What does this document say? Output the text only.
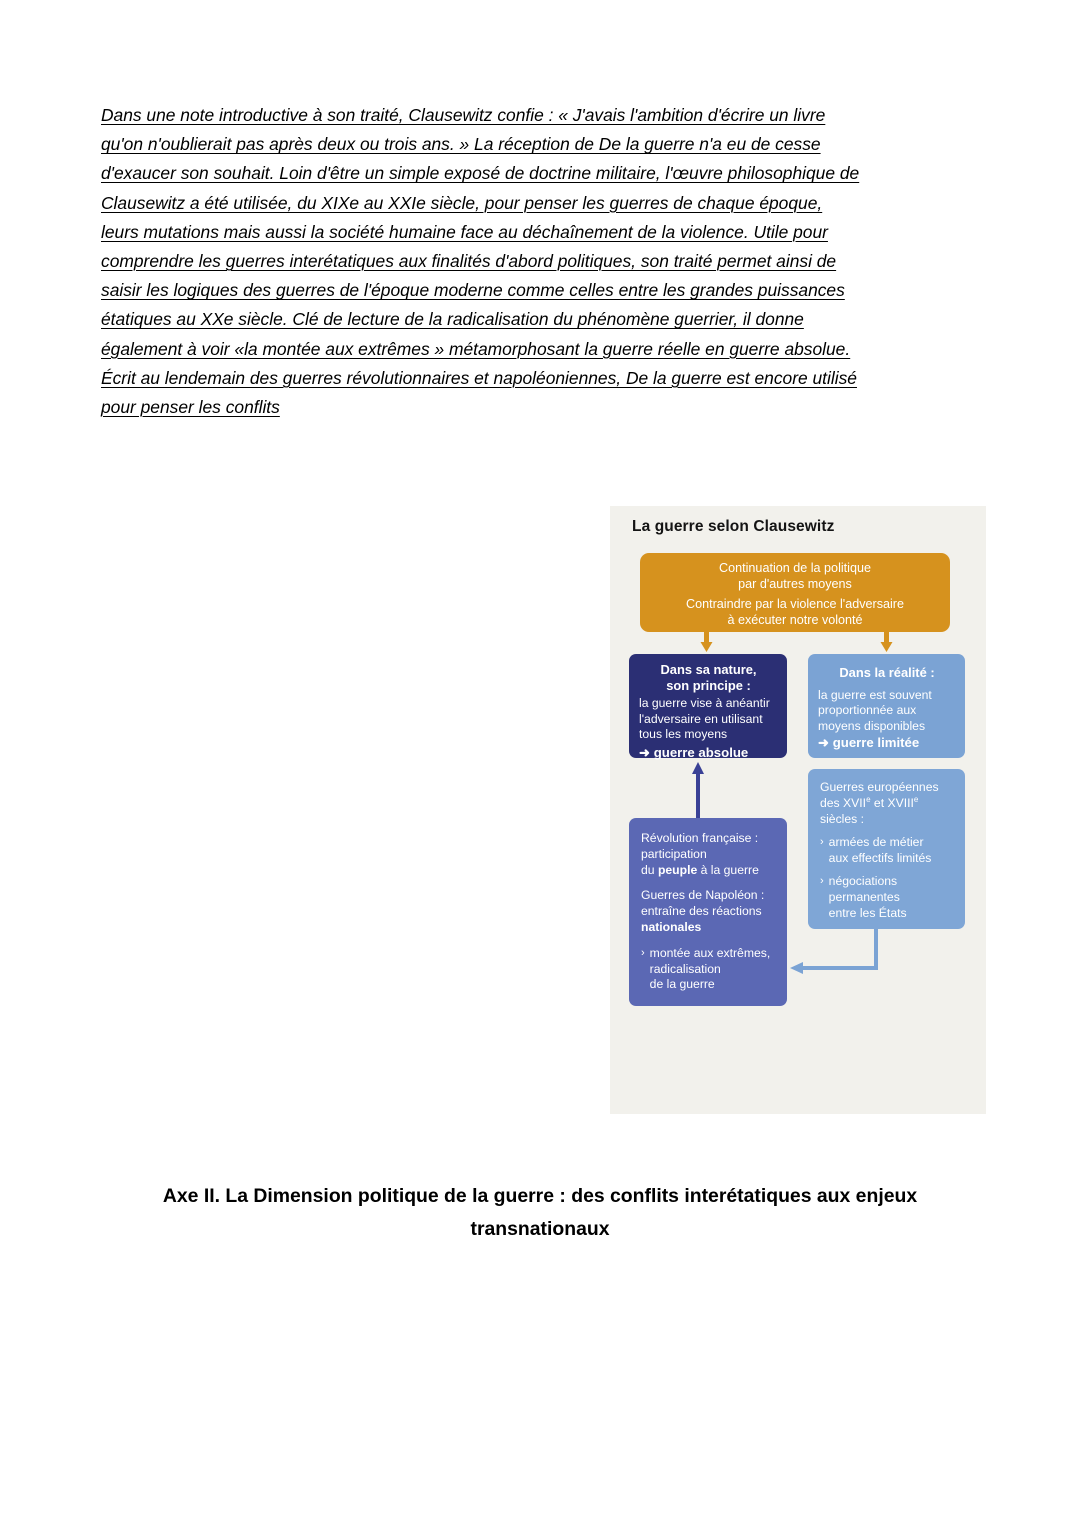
Dans une note introductive à son traité, Clausewitz confie : « J'avais l'ambition d'écrire un livre
qu'on n'oublierait pas après deux ou trois ans. » La réception de De la guerre n'a eu de cesse
d'exaucer son souhait. Loin d'être un simple exposé de doctrine militaire, l'œuvre philosophique de
Clausewitz a été utilisée, du XIXe au XXIe siècle, pour penser les guerres de chaque époque,
leurs mutations mais aussi la société humaine face au déchaînement de la violence. Utile pour
comprendre les guerres interétatiques aux finalités d'abord politiques, son traité permet ainsi de
saisir les logiques des guerres de l'époque moderne comme celles entre les grandes puissances
étatiques au XXe siècle. Clé de lecture de la radicalisation du phénomène guerrier, il donne
également à voir «la montée aux extrêmes » métamorphosant la guerre réelle en guerre absolue.
Écrit au lendemain des guerres révolutionnaires et napoléoniennes, De la guerre est encore utilisé
pour penser les conflits
La guerre selon Clausewitz
Continuation de la politique
par d'autres moyens
Contraindre par la violence l'adversaire
à exécuter notre volonté
Dans sa nature,
son principe :
la guerre vise à anéantir
l'adversaire en utilisant
tous les moyens
➜ guerre absolue
Dans la réalité :
la guerre est souvent
proportionnée aux
moyens disponibles
➜ guerre limitée
Guerres européennes
des XVIIe et XVIIIe
siècles :
› armées de métier
aux effectifs limités
› négociations
permanentes
entre les États
Révolution française :
participation
du peuple à la guerre
Guerres de Napoléon :
entraîne des réactions
nationales
› montée aux extrêmes,
radicalisation
de la guerre
Axe II. La Dimension politique de la guerre : des conflits interétatiques aux enjeux transnationaux
